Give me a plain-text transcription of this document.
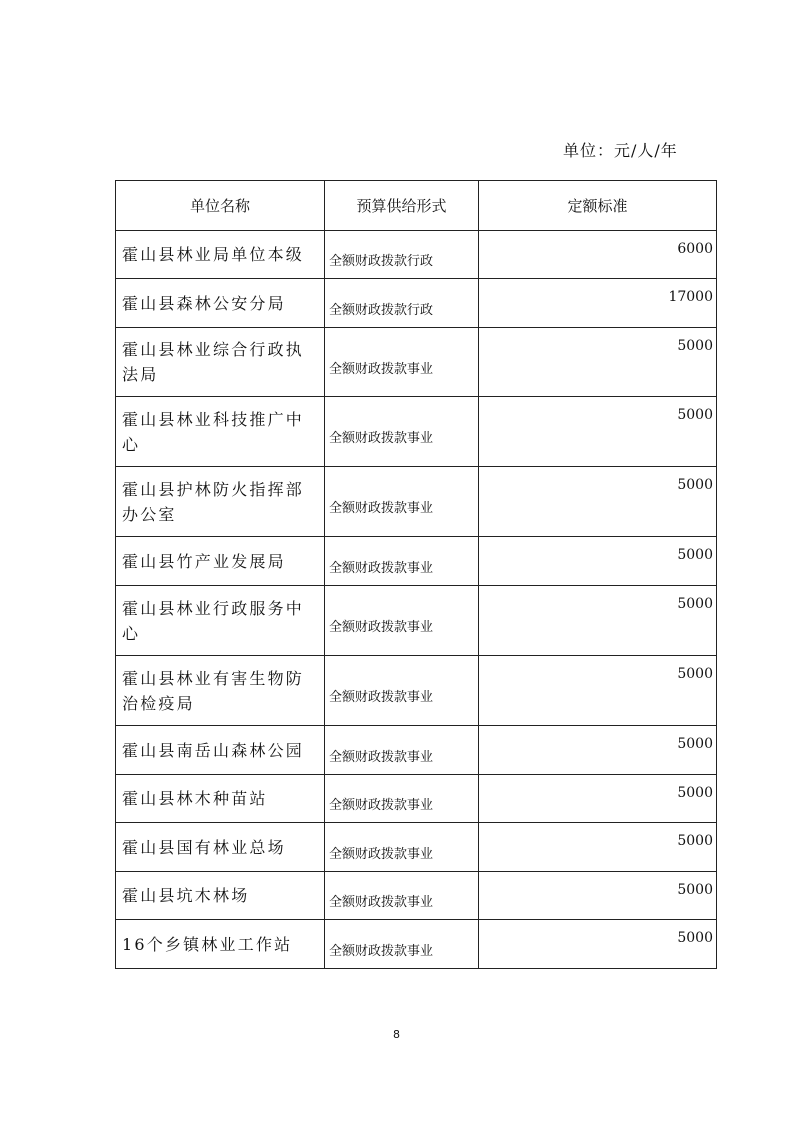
单位：元/人/年
单位名称	预算供给形式	定额标准
霍山县林业局单位本级	全额财政拨款行政	6000
霍山县森林公安分局	全额财政拨款行政	17000
霍山县林业综合行政执法局	全额财政拨款事业	5000
霍山县林业科技推广中心	全额财政拨款事业	5000
霍山县护林防火指挥部办公室	全额财政拨款事业	5000
霍山县竹产业发展局	全额财政拨款事业	5000
霍山县林业行政服务中心	全额财政拨款事业	5000
霍山县林业有害生物防治检疫局	全额财政拨款事业	5000
霍山县南岳山森林公园	全额财政拨款事业	5000
霍山县林木种苗站	全额财政拨款事业	5000
霍山县国有林业总场	全额财政拨款事业	5000
霍山县坑木林场	全额财政拨款事业	5000
16个乡镇林业工作站	全额财政拨款事业	5000
8
